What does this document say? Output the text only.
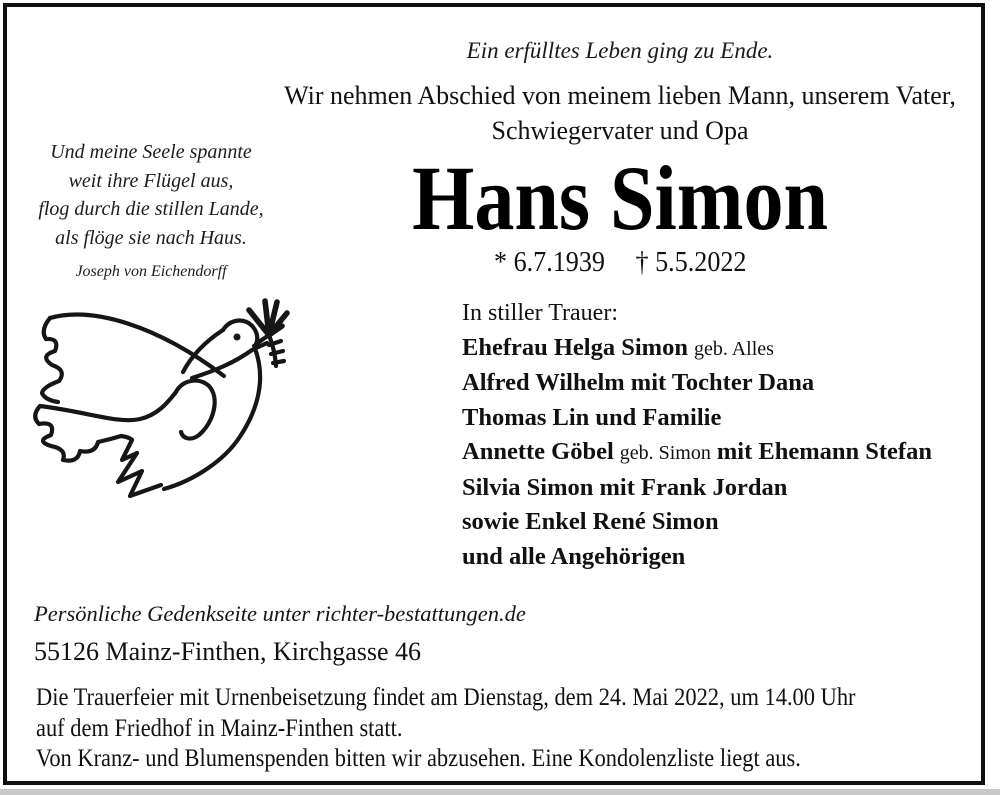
Ein erfülltes Leben ging zu Ende.
Wir nehmen Abschied von meinem lieben Mann, unserem Vater,
Schwiegervater und Opa
Hans Simon
* 6.7.1939 † 5.5.2022
Und meine Seele spannte
weit ihre Flügel aus,
flog durch die stillen Lande,
als flöge sie nach Haus.
Joseph von Eichendorff
In stiller Trauer:
Ehefrau Helga Simon geb. Alles
Alfred Wilhelm mit Tochter Dana
Thomas Lin und Familie
Annette Göbel geb. Simon mit Ehemann Stefan
Silvia Simon mit Frank Jordan
sowie Enkel René Simon
und alle Angehörigen
Persönliche Gedenkseite unter richter-bestattungen.de
55126 Mainz-Finthen, Kirchgasse 46
Die Trauerfeier mit Urnenbeisetzung findet am Dienstag, dem 24. Mai 2022, um 14.00 Uhr
auf dem Friedhof in Mainz-Finthen statt.
Von Kranz- und Blumenspenden bitten wir abzusehen. Eine Kondolenzliste liegt aus.
